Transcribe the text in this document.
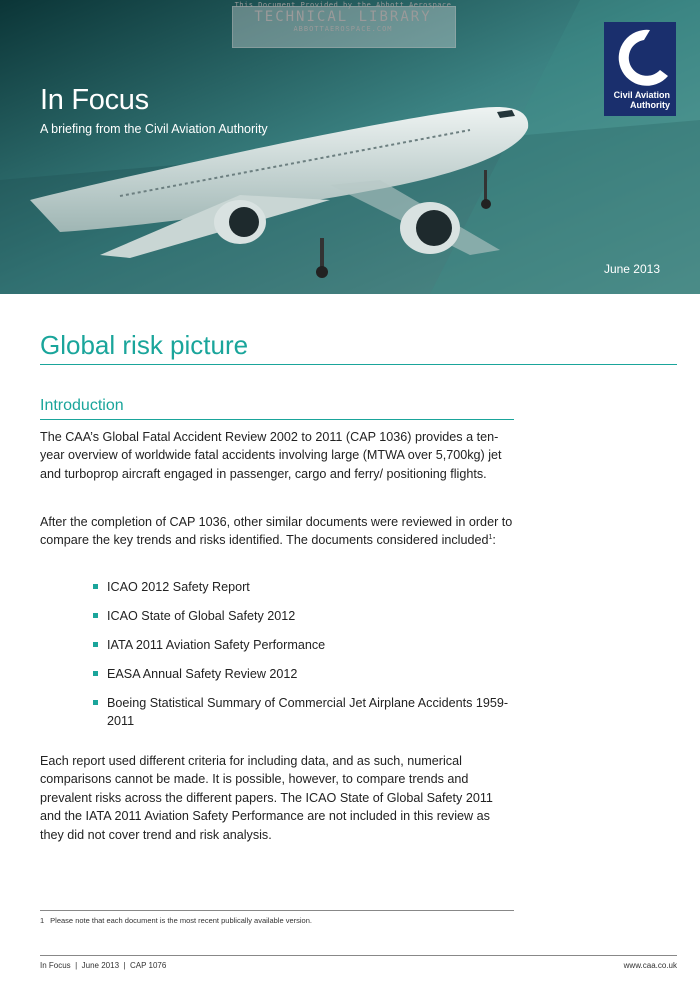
In Focus
A briefing from the Civil Aviation Authority
June 2013
This Document Provided by the Abbott Aerospace
TECHNICAL LIBRARY
ABBOTTAEROSPACE.COM
Civil Aviation
Authority
Global risk picture
Introduction

The CAA’s Global Fatal Accident Review 2002 to 2011 (CAP 1036) provides a ten-year overview of worldwide fatal accidents involving large (MTWA over 5,700kg) jet and turboprop aircraft engaged in passenger, cargo and ferry/ positioning flights.

After the completion of CAP 1036, other similar documents were reviewed in order to compare the key trends and risks identified. The documents considered included$^1$:

ICAO 2012 Safety Report
ICAO State of Global Safety 2012
IATA 2011 Aviation Safety Performance
EASA Annual Safety Review 2012
Boeing Statistical Summary of Commercial Jet Airplane Accidents 1959-2011

Each report used different criteria for including data, and as such, numerical comparisons cannot be made. It is possible, however, to compare trends and prevalent risks across the different papers. The ICAO State of Global Safety 2011 and the IATA 2011 Aviation Safety Performance are not included in this review as they did not cover trend and risk analysis.

1 Please note that each document is the most recent publically available version.
In Focus  |  June 2013  |  CAP 1076	www.caa.co.uk
